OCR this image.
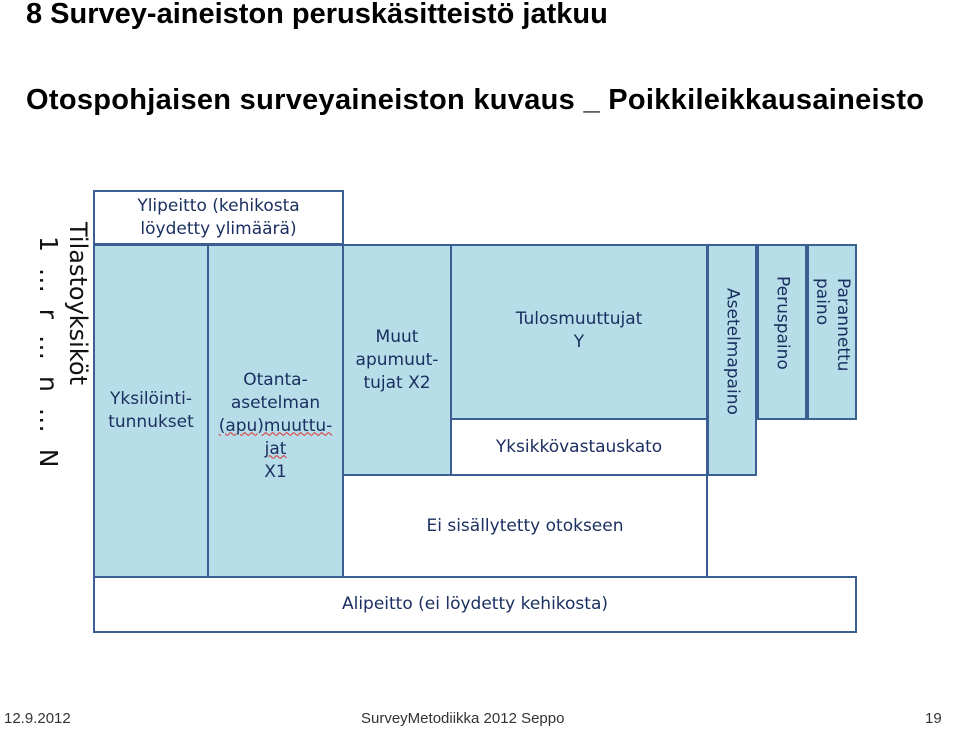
8 Survey-aineiston peruskäsitteistö jatkuu
Otospohjaisen surveyaineiston kuvaus _ Poikkileikkausaineisto
Tilastoyksiköt
1 … r … n … N
Ylipeitto (kehikosta löydetty ylimäärä)
Yksilöinti-tunnukset
Otanta-
asetelman
(apu)muuttu-
jat
X1
Muut apumuut-tujat X2
Tulosmuuttujat
Y
Yksikkövastauskato
Ei sisällytetty otokseen
Asetelmapaino Peruspaino	Parannettu paino
Alipeitto (ei löydetty kehikosta)
12.9.2012	SurveyMetodiikka 2012 Seppo	19
